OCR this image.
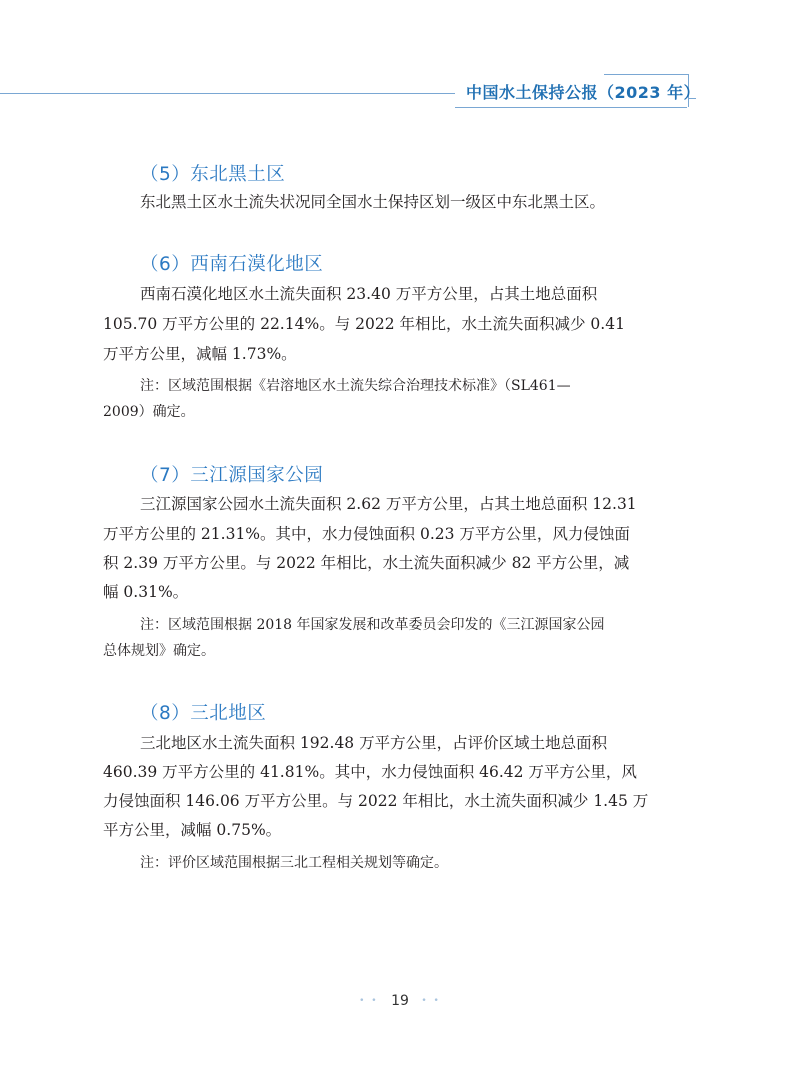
中国水土保持公报（2023 年）
（5）东北黑土区
东北黑土区水土流失状况同全国水土保持区划一级区中东北黑土区。
（6）西南石漠化地区
西南石漠化地区水土流失面积 23.40 万平方公里，占其土地总面积
105.70 万平方公里的 22.14%。与 2022 年相比，水土流失面积减少 0.41
万平方公里，减幅 1.73%。
注：区域范围根据《岩溶地区水土流失综合治理技术标准》（SL461—
2009）确定。
（7）三江源国家公园
三江源国家公园水土流失面积 2.62 万平方公里，占其土地总面积 12.31
万平方公里的 21.31%。其中，水力侵蚀面积 0.23 万平方公里，风力侵蚀面
积 2.39 万平方公里。与 2022 年相比，水土流失面积减少 82 平方公里，减
幅 0.31%。
注：区域范围根据 2018 年国家发展和改革委员会印发的《三江源国家公园
总体规划》确定。
（8）三北地区
三北地区水土流失面积 192.48 万平方公里，占评价区域土地总面积
460.39 万平方公里的 41.81%。其中，水力侵蚀面积 46.42 万平方公里，风
力侵蚀面积 146.06 万平方公里。与 2022 年相比，水土流失面积减少 1.45 万
平方公里，减幅 0.75%。
注：评价区域范围根据三北工程相关规划等确定。
• • 19 • •
